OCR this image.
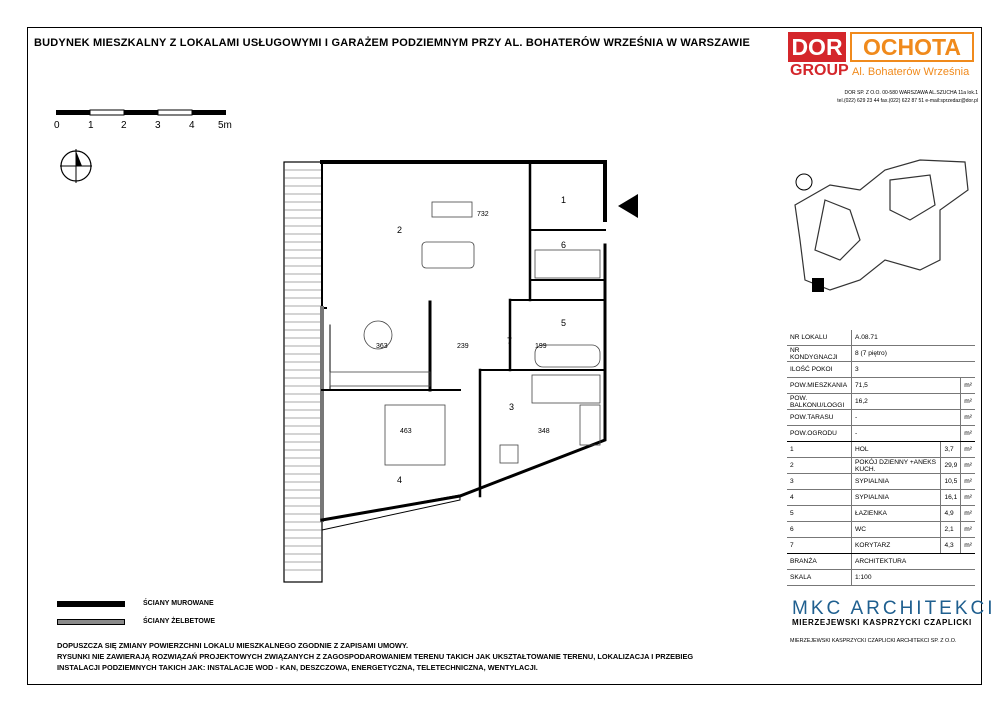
BUDYNEK MIESZKALNY Z LOKALAMI USŁUGOWYMI I GARAŻEM PODZIEMNYM PRZY AL. BOHATERÓW WRZEŚNIA W WARSZAWIE DOR OCHOTA
GROUP Al. Bohaterów Września
DOR SP. Z O.O. 00-580 WARSZAWA AL.SZUCHA 11a lok.1
tel.(022) 629 23 44 fax.(022) 622 87 51 e-mail:sprzedaz@dor.pl
0	1	2	3	4 5m
2
1
6
5
7
3
4
732
363	239	199
463	348
NR LOKALU	A.08.71		
NR KONDYGNACJI	8 (7 piętro)		
ILOŚĆ POKOI	3		
POW.MIESZKANIA	71,5		m²
POW. BALKONU/LOGGI	16,2		m²
POW.TARASU	-		m²
POW.OGRODU	-		m²
1	HOL	3,7	m²
2	POKÓJ DZIENNY +ANEKS KUCH.	29,9	m²
3	SYPIALNIA	10,5	m²
4	SYPIALNIA	16,1	m²
5	ŁAZIENKA	4,9	m²
6	WC	2,1	m²
7	KORYTARZ	4,3	m²
BRANŻA	ARCHITEKTURA		
SKALA	1:100		
ŚCIANY MUROWANE
ŚCIANY ŻELBETOWE
DOPUSZCZA SIĘ ZMIANY POWIERZCHNI LOKALU MIESZKALNEGO ZGODNIE Z ZAPISAMI UMOWY.
RYSUNKI NIE ZAWIERAJĄ ROZWIĄZAŃ PROJEKTOWYCH ZWIĄZANYCH Z ZAGOSPODAROWANIEM TERENU TAKICH JAK UKSZTAŁTOWANIE TERENU, LOKALIZACJA I PRZEBIEG
INSTALACJI PODZIEMNYCH TAKICH JAK: INSTALACJE WOD - KAN, DESZCZOWA, ENERGETYCZNA, TELETECHNICZNA, WENTYLACJI.
MKC ARCHITEKCI
MIERZEJEWSKI KASPRZYCKI CZAPLICKI
MIERZEJEWSKI KASPRZYCKI CZAPLICKI ARCHITEKCI SP. Z O.O.
